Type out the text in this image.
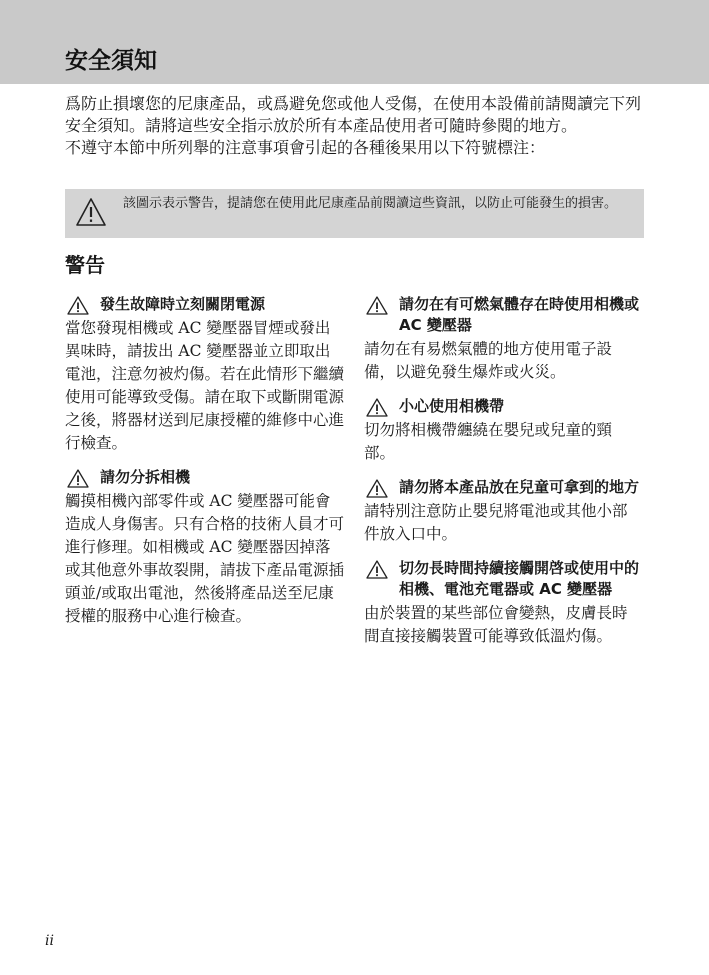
安全須知

爲防止損壞您的尼康產品，或爲避免您或他人受傷，在使用本設備前請閱讀完下列安全須知。請將這些安全指示放於所有本產品使用者可隨時參閱的地方。

不遵守本節中所列舉的注意事項會引起的各種後果用以下符號標注：

該圖示表示警告，提請您在使用此尼康產品前閱讀這些資訊，以防止可能發生的損害。
警告
發生故障時立刻關閉電源
當您發現相機或 AC 變壓器冒煙或發出異味時，請拔出 AC 變壓器並立即取出電池，注意勿被灼傷。若在此情形下繼續使用可能導致受傷。請在取下或斷開電源之後，將器材送到尼康授權的維修中心進行檢查。
請勿分拆相機
觸摸相機內部零件或 AC 變壓器可能會造成人身傷害。只有合格的技術人員才可進行修理。如相機或 AC 變壓器因掉落或其他意外事故裂開，請拔下產品電源插頭並/或取出電池，然後將產品送至尼康授權的服務中心進行檢查。
請勿在有可燃氣體存在時使用相機或 AC 變壓器
請勿在有易燃氣體的地方使用電子設備，以避免發生爆炸或火災。
小心使用相機帶
切勿將相機帶纏繞在嬰兒或兒童的頸部。
請勿將本產品放在兒童可拿到的地方
請特別注意防止嬰兒將電池或其他小部件放入口中。
切勿長時間持續接觸開啓或使用中的相機、電池充電器或 AC 變壓器
由於裝置的某些部位會變熱，皮膚長時間直接接觸裝置可能導致低溫灼傷。
ii
